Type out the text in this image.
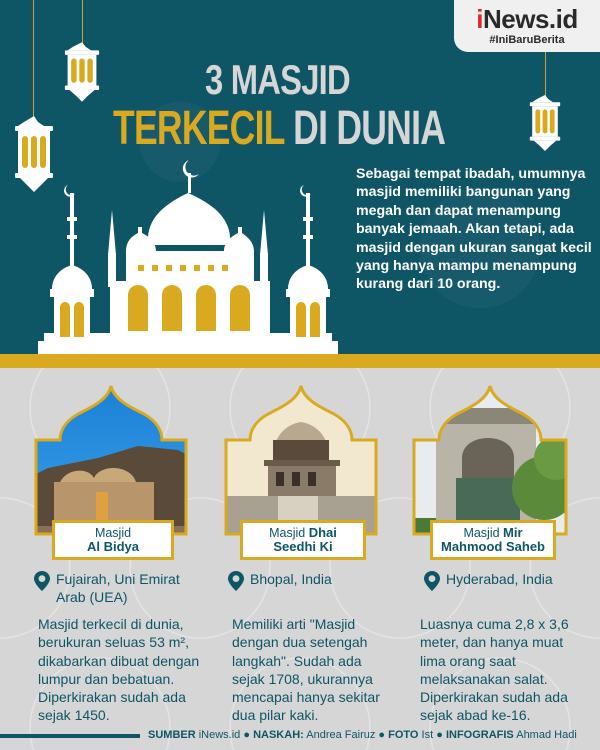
iNews.id
#IniBaruBerita
3 MASJID
TERKECIL DI DUNIA
Sebagai tempat ibadah, umumnya masjid memiliki bangunan yang megah dan dapat menampung banyak jemaah. Akan tetapi, ada masjid dengan ukuran sangat kecil yang hanya mampu menampung kurang dari 10 orang.
Masjid
Al Bidya
Masjid Dhai
Seedhi Ki
Masjid Mir
Mahmood Saheb
Fujairah, Uni Emirat Arab (UEA)
Bhopal, India	Hyderabad, India
Masjid terkecil di dunia, berukuran seluas 53 m², dikabarkan dibuat dengan lumpur dan bebatuan. Diperkirakan sudah ada sejak 1450.
Memiliki arti "Masjid dengan dua setengah langkah". Sudah ada sejak 1708, ukurannya mencapai hanya sekitar dua pilar kaki.
Luasnya cuma 2,8 x 3,6 meter, dan hanya muat lima orang saat melaksanakan salat. Diperkirakan sudah ada sejak abad ke-16.
SUMBER iNews.id ● NASKAH: Andrea Fairuz ● FOTO Ist ● INFOGRAFIS Ahmad Hadi
